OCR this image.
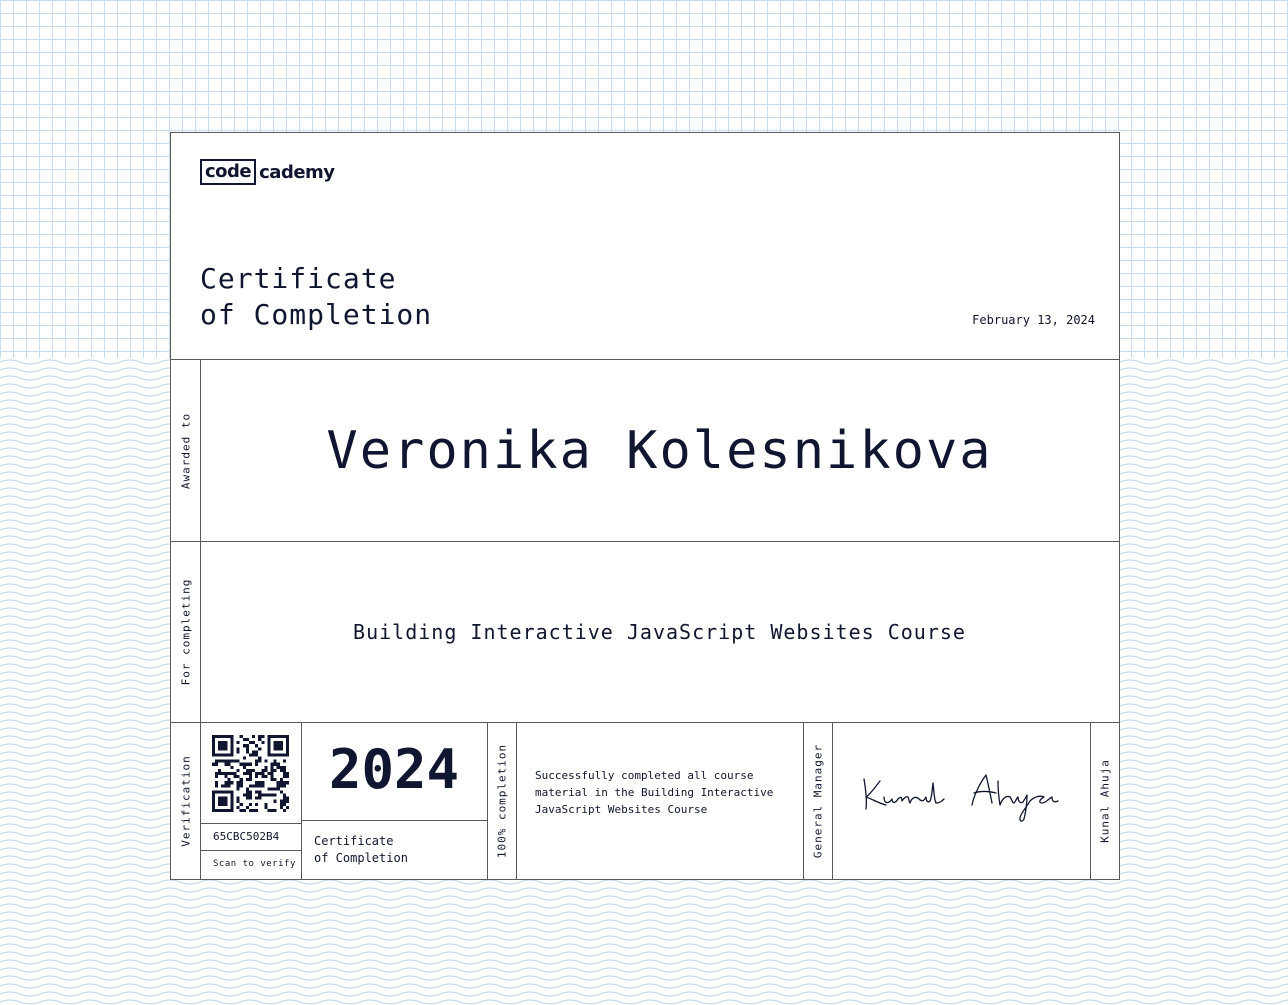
code cademy
Certificate
of Completion	February 13, 2024
Awarded to	Veronika Kolesnikova
For completing	Building Interactive JavaScript Websites Course
Verification	65CBC502B4
Scan to verify
2024
Certificate
of Completion	100% completion Successfully completed all course material in the Building Interactive JavaScript Websites Course	General Manager	Kunal Ahuja
